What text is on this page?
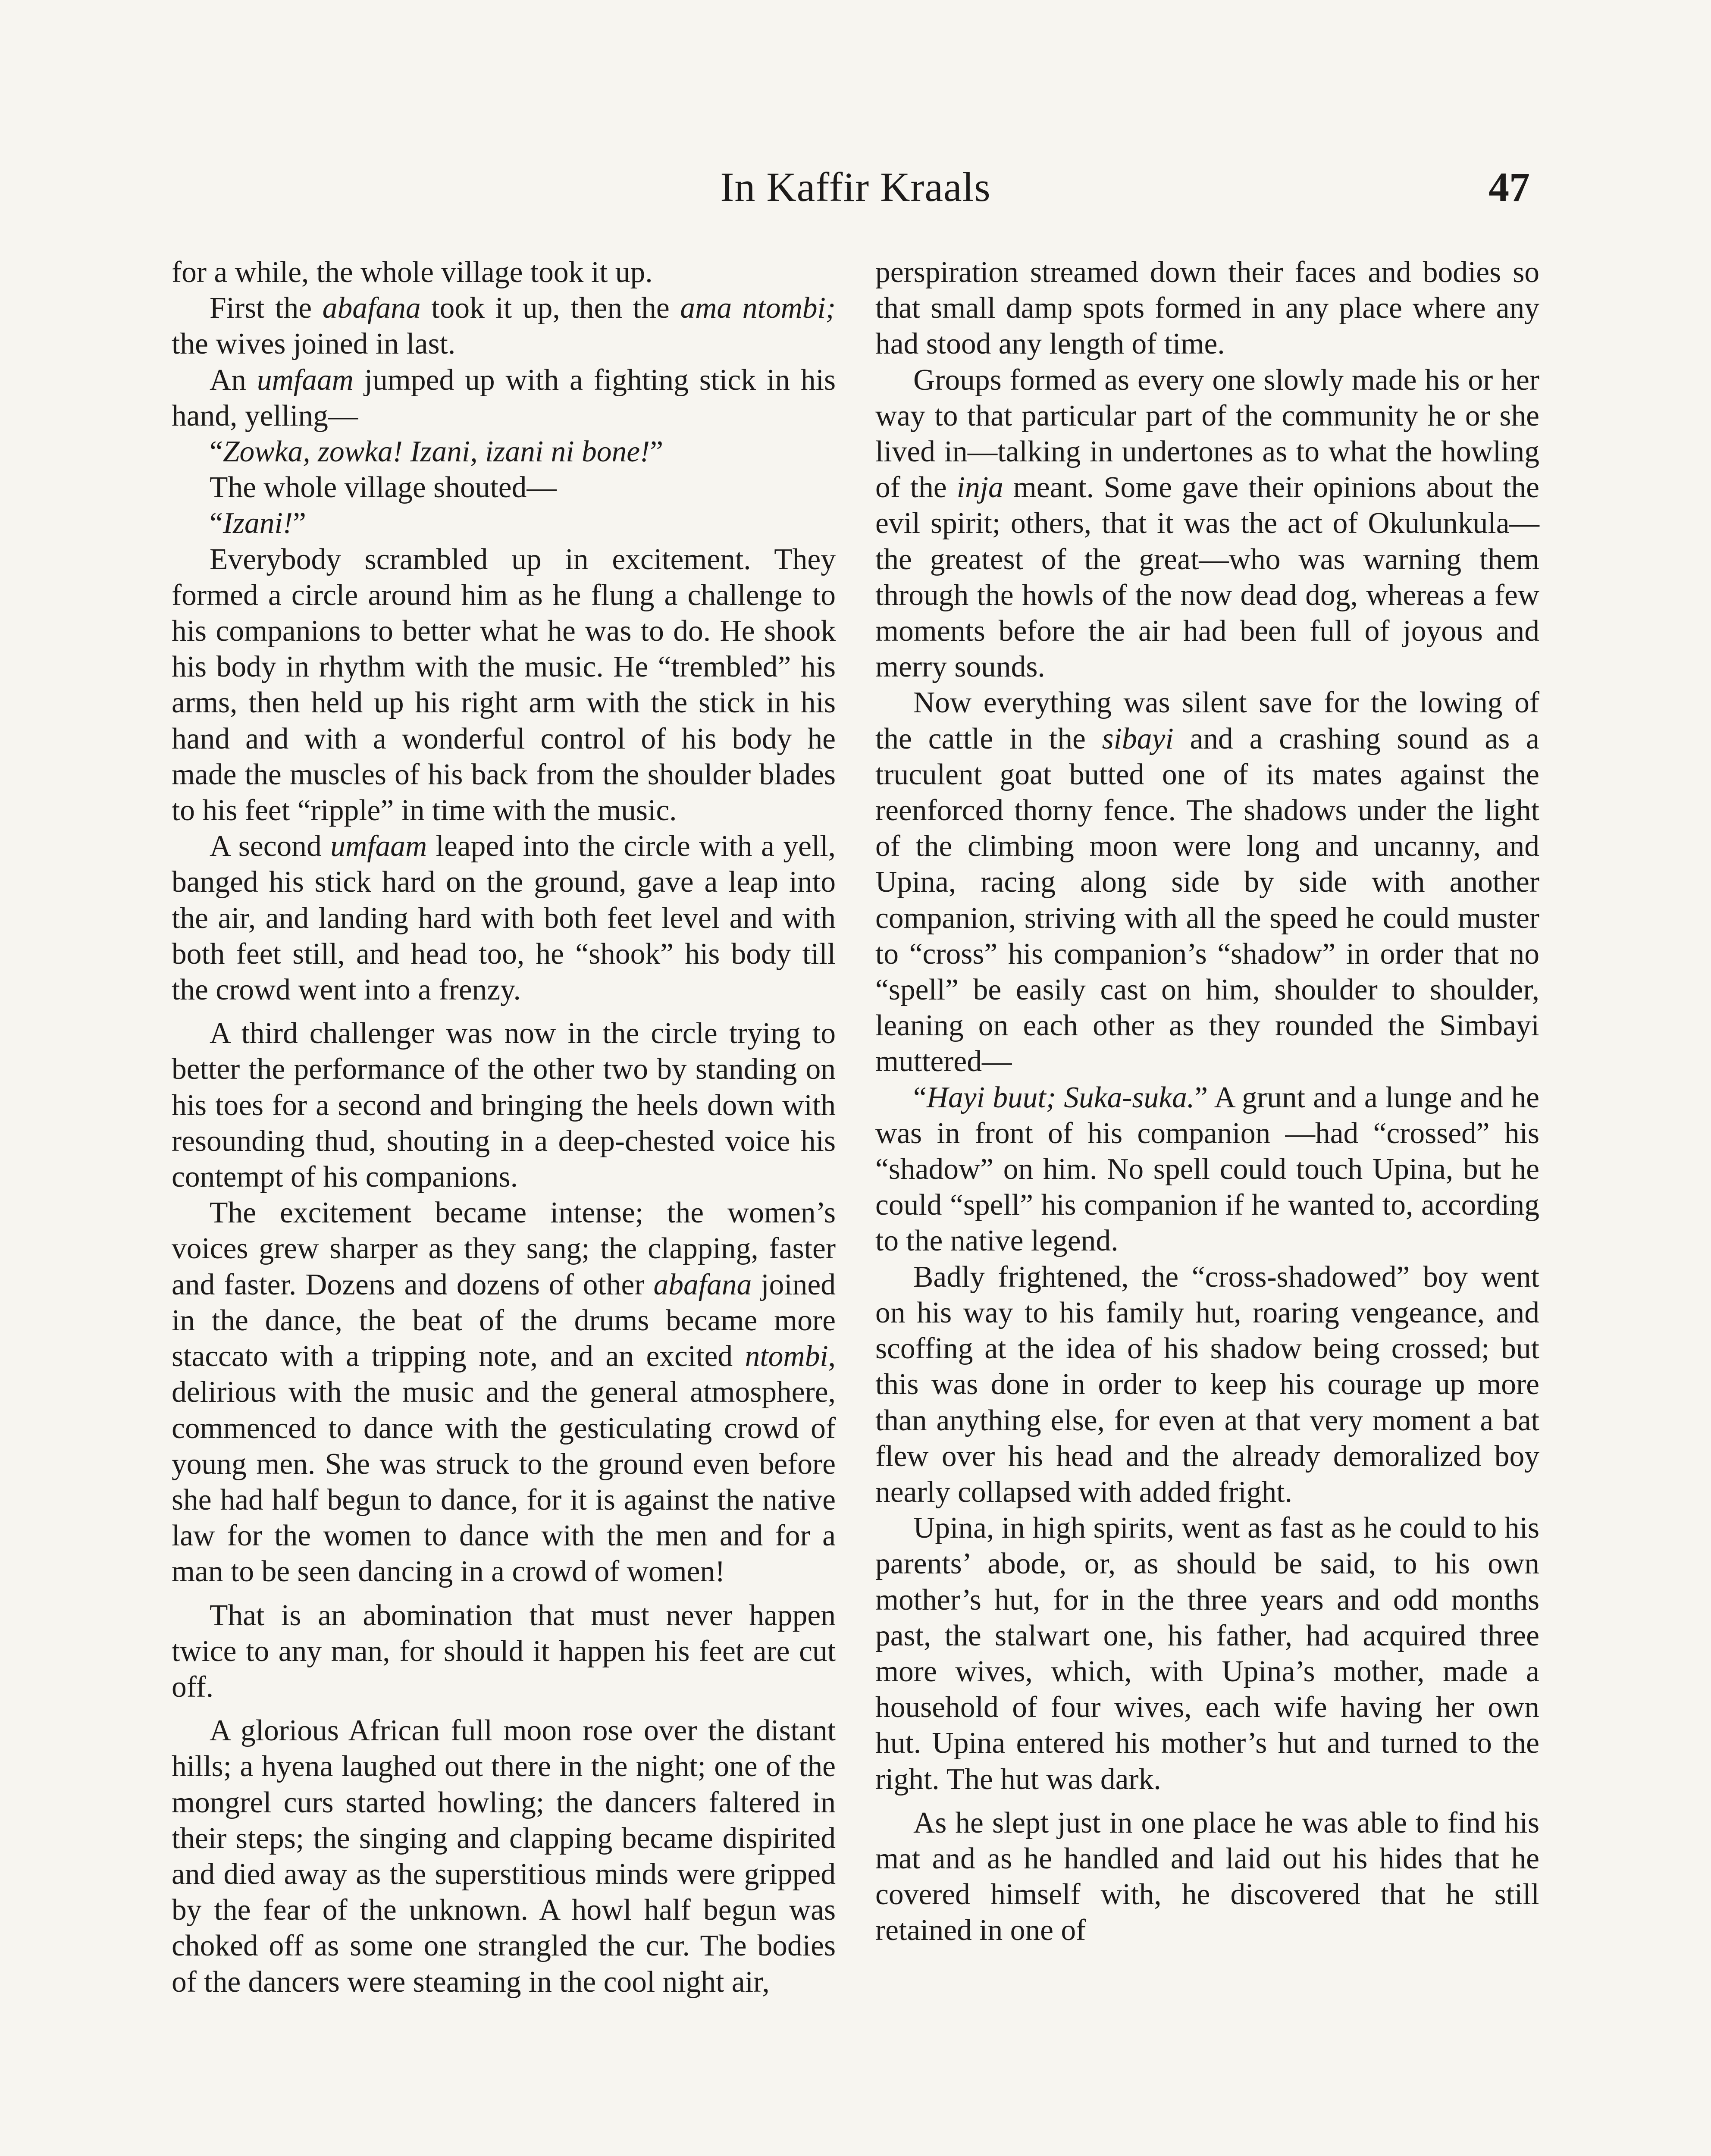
In Kaffir Kraals	47

for a while, the whole village took it up.

First the abafana took it up, then the ama ntombi; the wives joined in last.

An umfaam jumped up with a fighting stick in his hand, yelling—

“Zowka, zowka! Izani, izani ni bone!”

The whole village shouted—

“Izani!”

Everybody scrambled up in excitement. They formed a circle around him as he flung a challenge to his companions to better what he was to do. He shook his body in rhythm with the music. He “trembled” his arms, then held up his right arm with the stick in his hand and with a wonderful control of his body he made the muscles of his back from the shoulder blades to his feet “ripple” in time with the music.

A second umfaam leaped into the circle with a yell, banged his stick hard on the ground, gave a leap into the air, and landing hard with both feet level and with both feet still, and head too, he “shook” his body till the crowd went into a frenzy.

A third challenger was now in the circle trying to better the performance of the other two by standing on his toes for a second and bringing the heels down with resounding thud, shouting in a deep-chested voice his contempt of his companions.

The excitement became intense; the women’s voices grew sharper as they sang; the clapping, faster and faster. Dozens and dozens of other abafana joined in the dance, the beat of the drums became more staccato with a tripping note, and an excited ntombi, delirious with the music and the general atmosphere, commenced to dance with the gesticulating crowd of young men. She was struck to the ground even before she had half begun to dance, for it is against the native law for the women to dance with the men and for a man to be seen dancing in a crowd of women!

That is an abomination that must never happen twice to any man, for should it happen his feet are cut off.

A glorious African full moon rose over the distant hills; a hyena laughed out there in the night; one of the mongrel curs started howling; the dancers faltered in their steps; the singing and clapping became dispirited and died away as the superstitious minds were gripped by the fear of the unknown. A howl half begun was choked off as some one strangled the cur. The bodies of the dancers were steaming in the cool night air,

perspiration streamed down their faces and bodies so that small damp spots formed in any place where any had stood any length of time.

Groups formed as every one slowly made his or her way to that particular part of the community he or she lived in—talking in undertones as to what the howling of the inja meant. Some gave their opinions about the evil spirit; others, that it was the act of Okulunkula—the greatest of the great—who was warning them through the howls of the now dead dog, whereas a few moments before the air had been full of joyous and merry sounds.

Now everything was silent save for the lowing of the cattle in the sibayi and a crashing sound as a truculent goat butted one of its mates against the reenforced thorny fence. The shadows under the light of the climbing moon were long and uncanny, and Upina, racing along side by side with another companion, striving with all the speed he could muster to “cross” his companion’s “shadow” in order that no “spell” be easily cast on him, shoulder to shoulder, leaning on each other as they rounded the Simbayi muttered—

“Hayi buut; Suka-suka.” A grunt and a lunge and he was in front of his companion —had “crossed” his “shadow” on him. No spell could touch Upina, but he could “spell” his companion if he wanted to, according to the native legend.

Badly frightened, the “cross-shadowed” boy went on his way to his family hut, roaring vengeance, and scoffing at the idea of his shadow being crossed; but this was done in order to keep his courage up more than anything else, for even at that very moment a bat flew over his head and the already demoralized boy nearly collapsed with added fright.

Upina, in high spirits, went as fast as he could to his parents’ abode, or, as should be said, to his own mother’s hut, for in the three years and odd months past, the stalwart one, his father, had acquired three more wives, which, with Upina’s mother, made a household of four wives, each wife having her own hut. Upina entered his mother’s hut and turned to the right. The hut was dark.

As he slept just in one place he was able to find his mat and as he handled and laid out his hides that he covered himself with, he discovered that he still retained in one of
